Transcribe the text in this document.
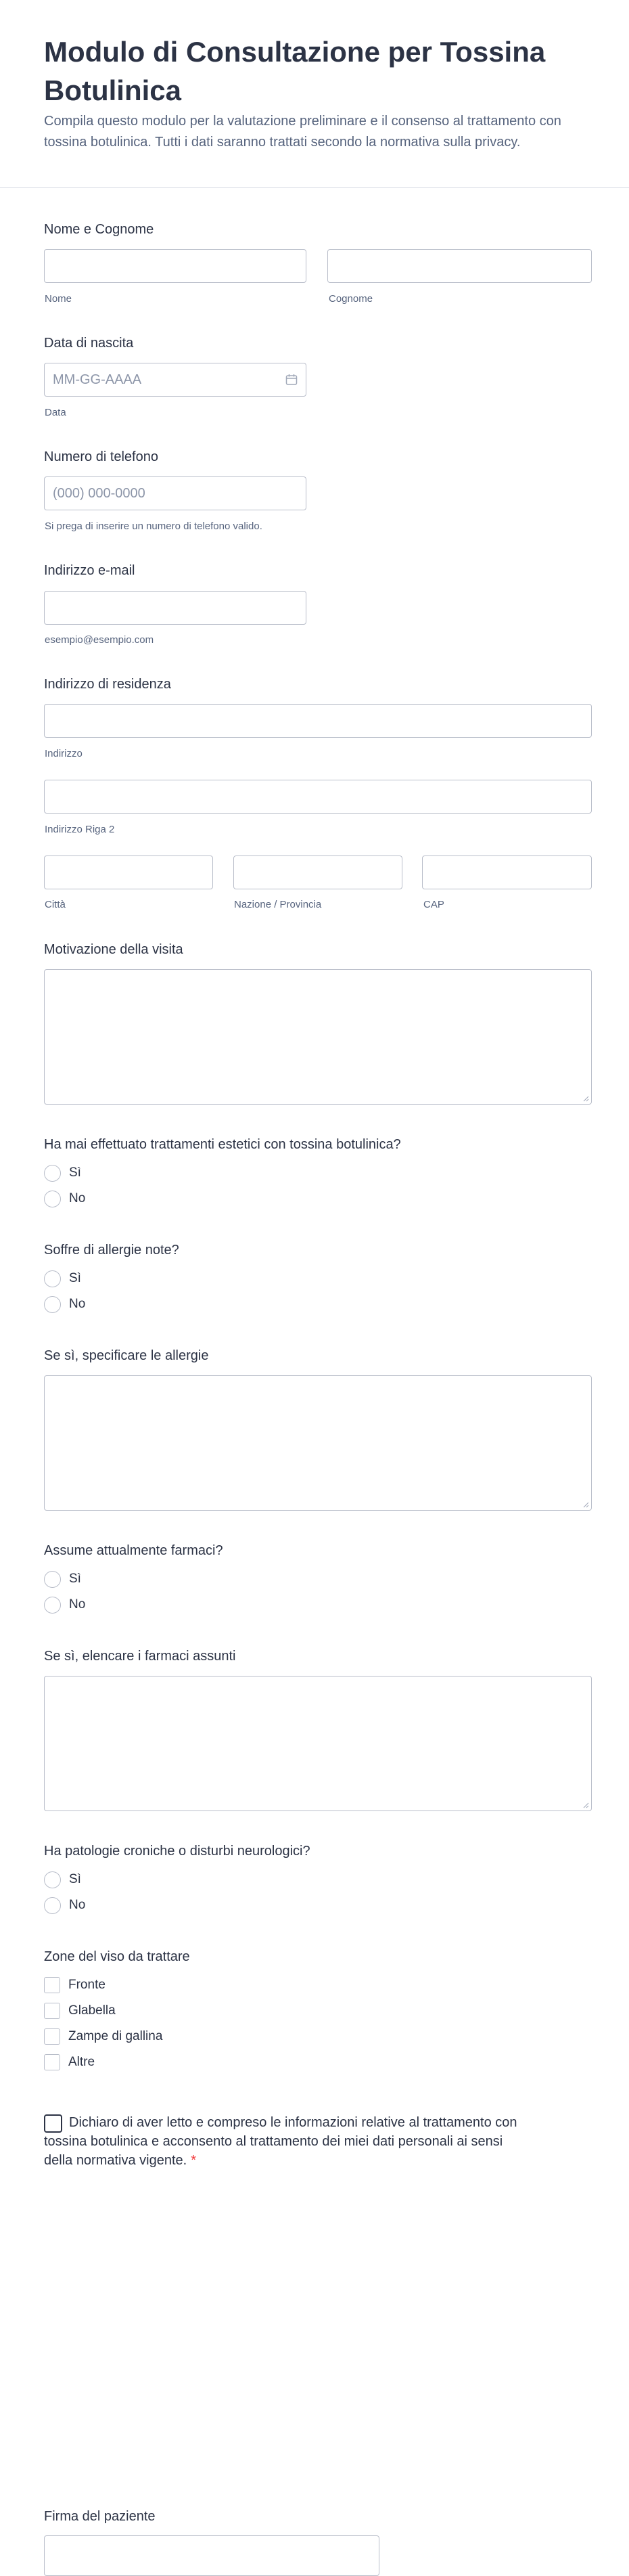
Modulo di Consultazione per Tossina Botulinica

Compila questo modulo per la valutazione preliminare e il consenso al trattamento con tossina botulinica. Tutti i dati saranno trattati secondo la normativa sulla privacy.

Nome e Cognome
Nome	Cognome
Data di nascita
MM-GG-AAAA
Data
Numero di telefono
(000) 000-0000
Si prega di inserire un numero di telefono valido.
Indirizzo e-mail
esempio@esempio.com
Indirizzo di residenza
Indirizzo
Indirizzo Riga 2
Città	Nazione / Provincia	CAP
Motivazione della visita
Ha mai effettuato trattamenti estetici con tossina botulinica?
Sì
No
Soffre di allergie note?
Sì
No
Se sì, specificare le allergie
Assume attualmente farmaci?
Sì
No
Se sì, elencare i farmaci assunti
Ha patologie croniche o disturbi neurologici?
Sì
No
Zone del viso da trattare
Fronte
Glabella
Zampe di gallina
Altre
Dichiaro di aver letto e compreso le informazioni relative al trattamento con tossina botulinica e acconsento al trattamento dei miei dati personali ai sensi della normativa vigente. *
Firma del paziente
